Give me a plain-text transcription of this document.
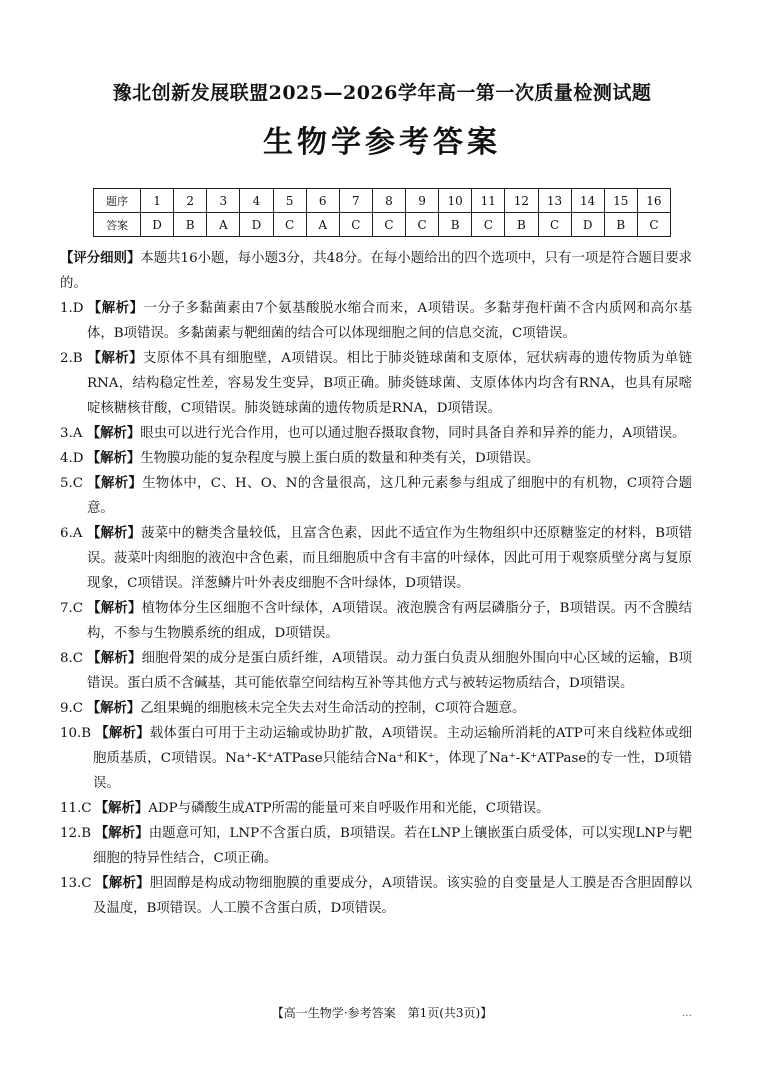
豫北创新发展联盟2025—2026学年高一第一次质量检测试题
生物学参考答案
题序	1	2	3	4	5	6	7	8	9	10	11	12	13	14	15	16
答案	D	B	A	D	C	A	C	C	C	B	C	B	C	D	B	C

【评分细则】本题共16小题，每小题3分，共48分。在每小题给出的四个选项中，只有一项是符合题目要求的。

1.D　 【解析】一分子多黏菌素由7个氨基酸脱水缩合而来，A项错误。多黏芽孢杆菌不含内质网和高尔基体，B项错误。多黏菌素与靶细菌的结合可以体现细胞之间的信息交流，C项错误。

2.B　 【解析】支原体不具有细胞壁，A项错误。相比于肺炎链球菌和支原体，冠状病毒的遗传物质为单链RNA，结构稳定性差，容易发生变异，B项正确。肺炎链球菌、支原体体内均含有RNA，也具有尿嘧啶核糖核苷酸，C项错误。肺炎链球菌的遗传物质是RNA，D项错误。

3.A　 【解析】眼虫可以进行光合作用，也可以通过胞吞摄取食物，同时具备自养和异养的能力，A项错误。

4.D　 【解析】生物膜功能的复杂程度与膜上蛋白质的数量和种类有关，D项错误。

5.C　 【解析】生物体中，C、H、O、N的含量很高，这几种元素参与组成了细胞中的有机物，C项符合题意。

6.A　 【解析】菠菜中的糖类含量较低，且富含色素，因此不适宜作为生物组织中还原糖鉴定的材料，B项错误。菠菜叶肉细胞的液泡中含色素，而且细胞质中含有丰富的叶绿体，因此可用于观察质壁分离与复原现象，C项错误。洋葱鳞片叶外表皮细胞不含叶绿体，D项错误。

7.C　 【解析】植物体分生区细胞不含叶绿体，A项错误。液泡膜含有两层磷脂分子，B项错误。丙不含膜结构，不参与生物膜系统的组成，D项错误。

8.C　 【解析】细胞骨架的成分是蛋白质纤维，A项错误。动力蛋白负责从细胞外围向中心区域的运输，B项错误。蛋白质不含碱基，其可能依靠空间结构互补等其他方式与被转运物质结合，D项错误。

9.C　 【解析】乙组果蝇的细胞核未完全失去对生命活动的控制，C项符合题意。

10.B　 【解析】载体蛋白可用于主动运输或协助扩散，A项错误。主动运输所消耗的ATP可来自线粒体或细胞质基质，C项错误。Na⁺-K⁺ATPase只能结合Na⁺和K⁺，体现了Na⁺-K⁺ATPase的专一性，D项错误。

11.C　 【解析】ADP与磷酸生成ATP所需的能量可来自呼吸作用和光能，C项错误。

12.B　 【解析】由题意可知，LNP不含蛋白质，B项错误。若在LNP上镶嵌蛋白质受体，可以实现LNP与靶细胞的特异性结合，C项正确。

13.C　 【解析】胆固醇是构成动物细胞膜的重要成分，A项错误。该实验的自变量是人工膜是否含胆固醇以及温度，B项错误。人工膜不含蛋白质，D项错误。

【高一生物学·参考答案　第1页(共3页)】	…
